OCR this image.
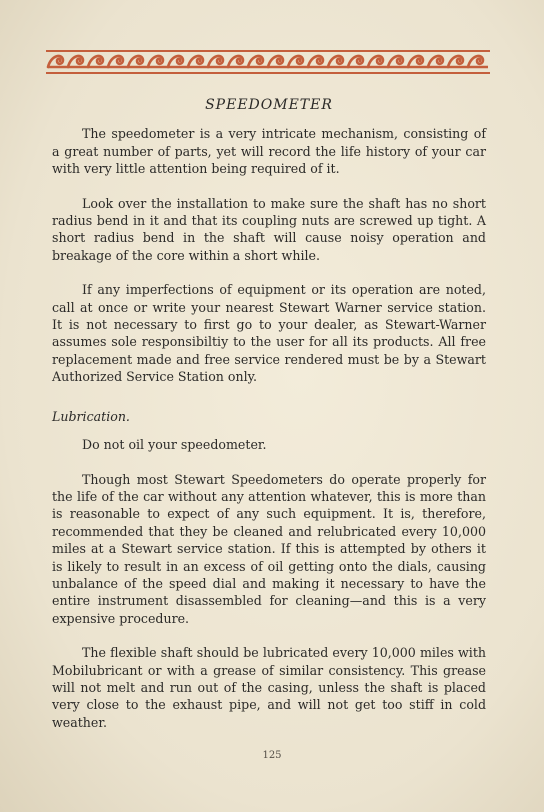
SPEEDOMETER

The speedometer is a very intricate mechanism, consisting of a great number of parts, yet will record the life history of your car with very little attention being required of it.

Look over the installation to make sure the shaft has no short radius bend in it and that its coupling nuts are screwed up tight. A short radius bend in the shaft will cause noisy operation and breakage of the core within a short while.

If any imperfections of equipment or its operation are noted, call at once or write your nearest Stewart Warner service station. It is not necessary to first go to your dealer, as Stewart-Warner assumes sole responsibiltiy to the user for all its products. All free replacement made and free service rendered must be by a Stewart Authorized Service Station only.

Lubrication.

Do not oil your speedometer.

Though most Stewart Speedometers do operate properly for the life of the car without any attention whatever, this is more than is reasonable to expect of any such equipment. It is, therefore, recommended that they be cleaned and relubricated every 10,000 miles at a Stewart service station. If this is attempted by others it is likely to result in an excess of oil getting onto the dials, causing unbalance of the speed dial and making it necessary to have the entire instrument disassembled for cleaning—and this is a very expensive procedure.

The flexible shaft should be lubricated every 10,000 miles with Mobilubricant or with a grease of similar consistency. This grease will not melt and run out of the casing, unless the shaft is placed very close to the exhaust pipe, and will not get too stiff in cold weather.

125
